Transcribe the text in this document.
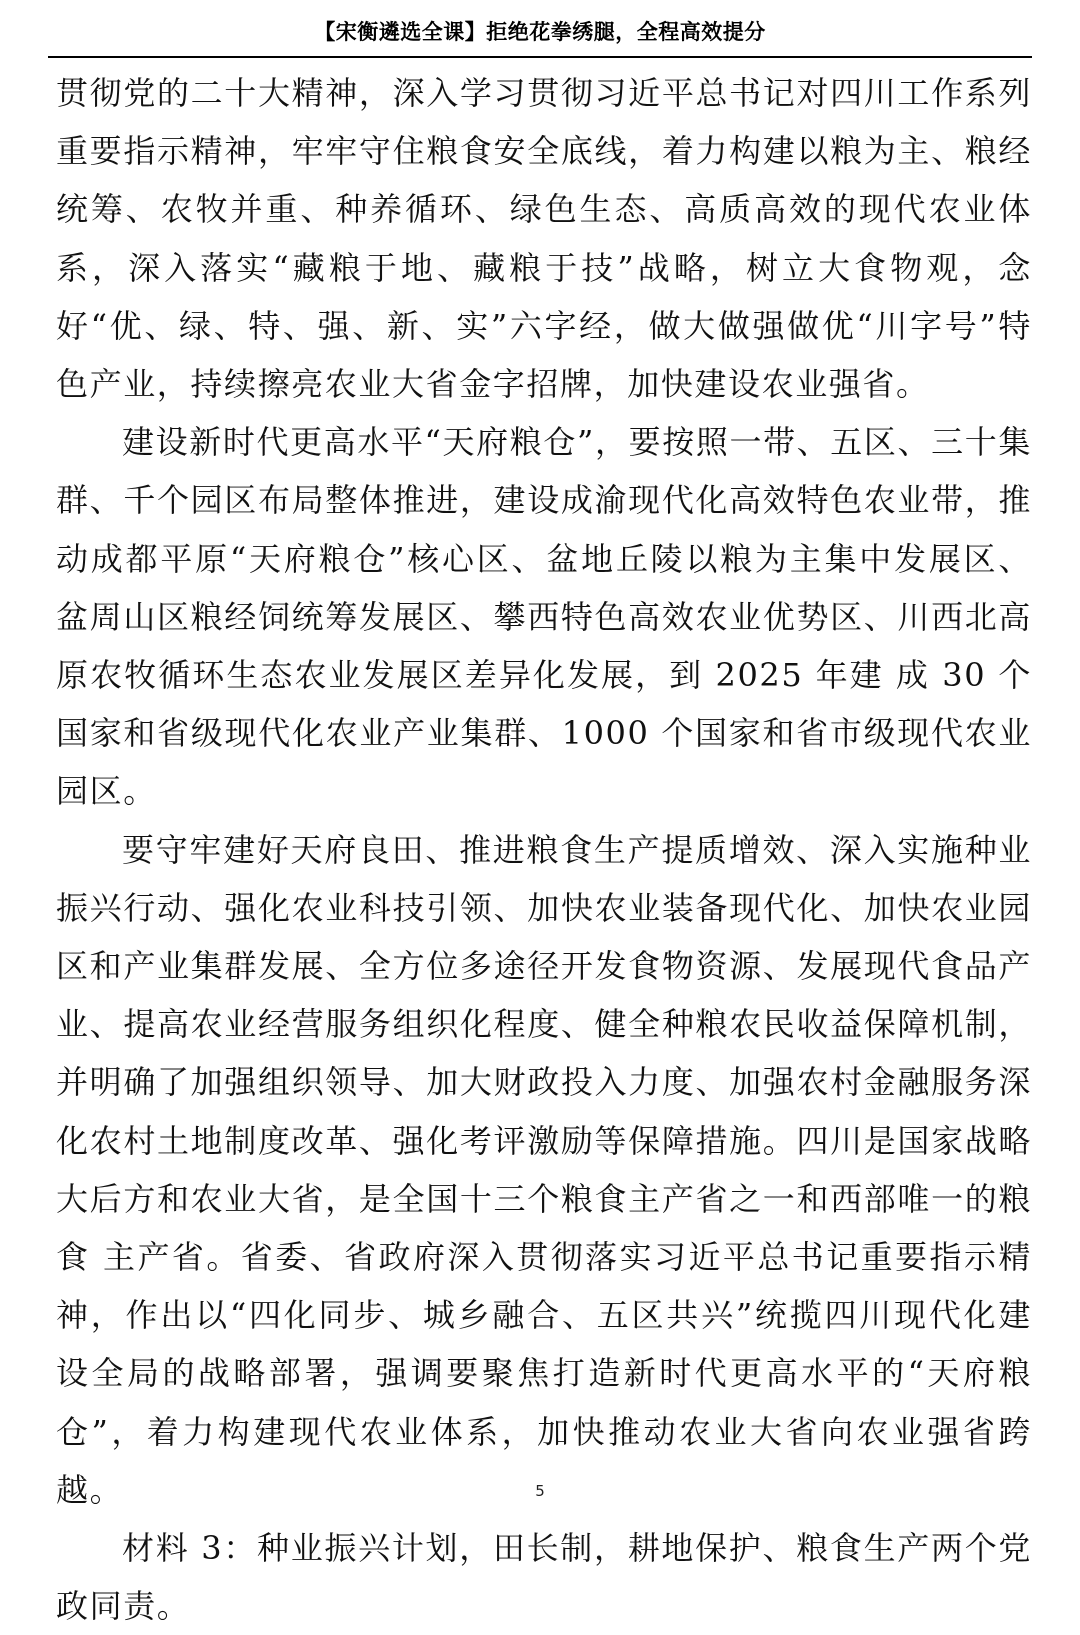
【宋衡遴选全课】拒绝花拳绣腿，全程高效提分

贯彻党的二十大精神，深入学习贯彻习近平总书记对四川工作系列重要指示精神，牢牢守住粮食安全底线，着力构建以粮为主、粮经统筹、农牧并重、种养循环、绿色生态、高质高效的现代农业体系，深入落实“藏粮于地、藏粮于技”战略，树立大食物观，念好“优、绿、特、强、新、实”六字经，做大做强做优“川字号”特色产业，持续擦亮农业大省金字招牌，加快建设农业强省。

建设新时代更高水平“天府粮仓”，要按照一带、五区、三十集群、千个园区布局整体推进，建设成渝现代化高效特色农业带，推动成都平原“天府粮仓”核心区、盆地丘陵以粮为主集中发展区、盆周山区粮经饲统筹发展区、攀西特色高效农业优势区、川西北高原农牧循环生态农业发展区差异化发展，到 2025 年建 成 30 个国家和省级现代化农业产业集群、1000 个国家和省市级现代农业园区。

要守牢建好天府良田、推进粮食生产提质增效、深入实施种业振兴行动、强化农业科技引领、加快农业装备现代化、加快农业园区和产业集群发展、全方位多途径开发食物资源、发展现代食品产业、提高农业经营服务组织化程度、健全种粮农民收益保障机制，并明确了加强组织领导、加大财政投入力度、加强农村金融服务深化农村土地制度改革、强化考评激励等保障措施。四川是国家战略大后方和农业大省，是全国十三个粮食主产省之一和西部唯一的粮食 主产省。省委、省政府深入贯彻落实习近平总书记重要指示精神，作出以“四化同步、城乡融合、五区共兴”统揽四川现代化建设全局的战略部署，强调要聚焦打造新时代更高水平的“天府粮仓”，着力构建现代农业体系，加快推动农业大省向农业强省跨越。

材料 3：种业振兴计划，田长制，耕地保护、粮食生产两个党政同责。

5
